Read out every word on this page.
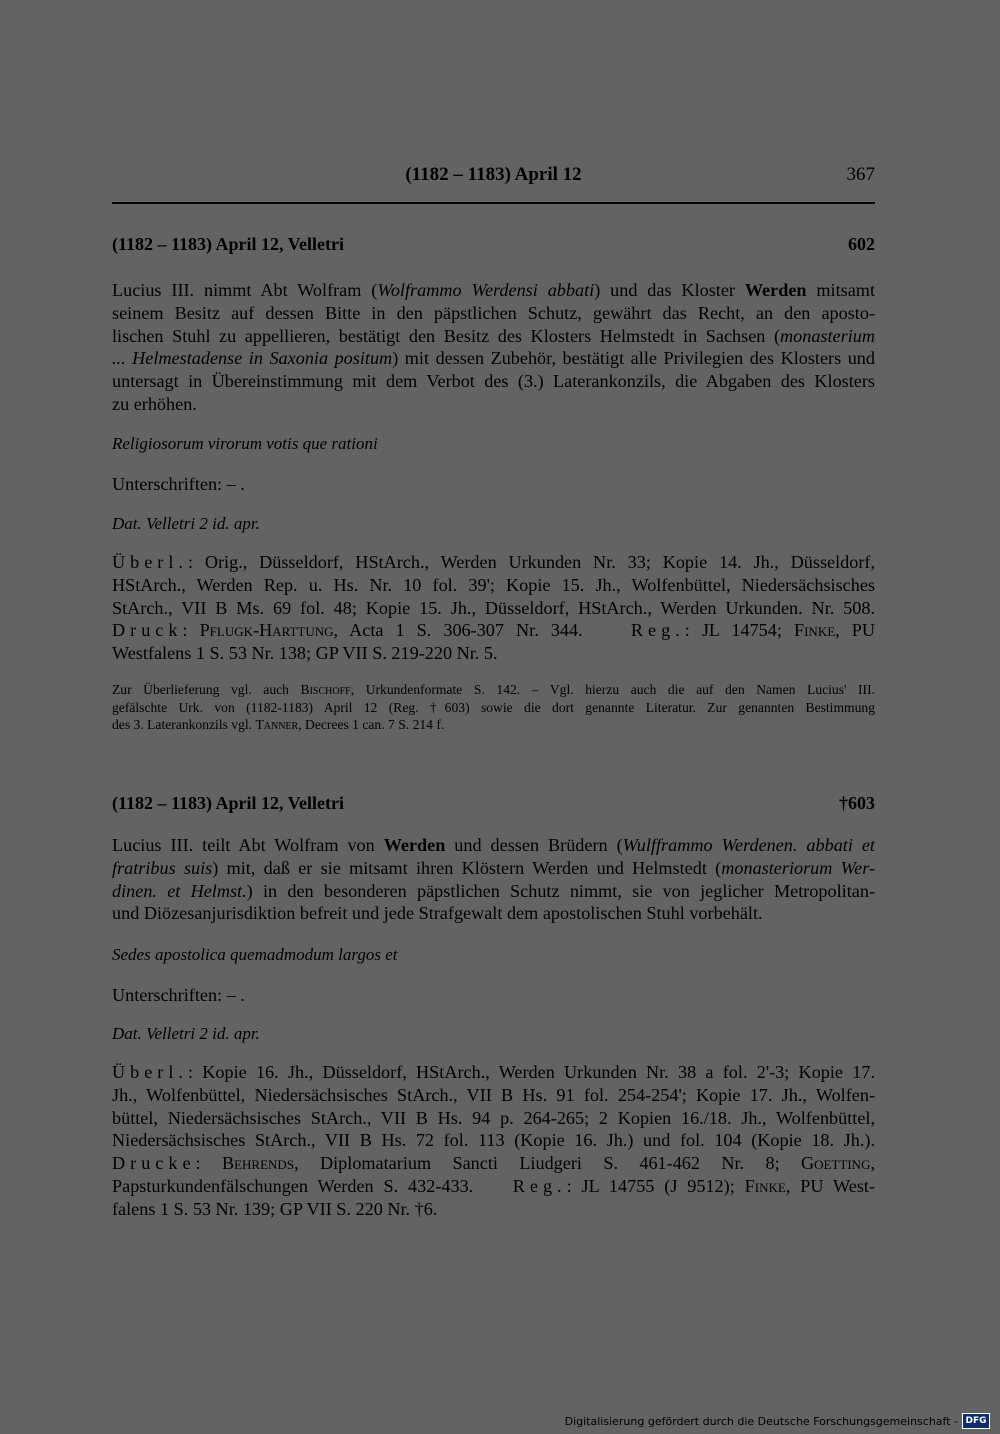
(1182 – 1183) April 12	367
(1182 – 1183) April 12, Velletri	602
Lucius III. nimmt Abt Wolfram (Wolframmo Werdensi abbati) und das Kloster Werden mitsamt
seinem Besitz auf dessen Bitte in den päpstlichen Schutz, gewährt das Recht, an den aposto-
lischen Stuhl zu appellieren, bestätigt den Besitz des Klosters Helmstedt in Sachsen (monasterium
... Helmestadense in Saxonia positum) mit dessen Zubehör, bestätigt alle Privilegien des Klosters und
untersagt in Übereinstimmung mit dem Verbot des (3.) Laterankonzils, die Abgaben des Klosters
zu erhöhen.
Religiosorum virorum votis que rationi
Unterschriften: – .
Dat. Velletri 2 id. apr.
Überl.: Orig., Düsseldorf, HStArch., Werden Urkunden Nr. 33; Kopie 14. Jh., Düsseldorf,
HStArch., Werden Rep. u. Hs. Nr. 10 fol. 39'; Kopie 15. Jh., Wolfenbüttel, Niedersächsisches
StArch., VII B Ms. 69 fol. 48; Kopie 15. Jh., Düsseldorf, HStArch., Werden Urkunden. Nr. 508.
Druck: Pflugk-Harttung, Acta 1 S. 306-307 Nr. 344.	Reg.: JL 14754; Finke, PU
Westfalens 1 S. 53 Nr. 138; GP VII S. 219-220 Nr. 5.
Zur Überlieferung vgl. auch Bischoff, Urkundenformate S. 142. – Vgl. hierzu auch die auf den Namen Lucius' III.
gefälschte Urk. von (1182-1183) April 12 (Reg. †603) sowie die dort genannte Literatur. Zur genannten Bestimmung
des 3. Laterankonzils vgl. Tanner, Decrees 1 can. 7 S. 214 f.
(1182 – 1183) April 12, Velletri	†603
Lucius III. teilt Abt Wolfram von Werden und dessen Brüdern (Wulfframmo Werdenen. abbati et
fratribus suis) mit, daß er sie mitsamt ihren Klöstern Werden und Helmstedt (monasteriorum Wer-
dinen. et Helmst.) in den besonderen päpstlichen Schutz nimmt, sie von jeglicher Metropolitan-
und Diözesanjurisdiktion befreit und jede Strafgewalt dem apostolischen Stuhl vorbehält.
Sedes apostolica quemadmodum largos et
Unterschriften: – .
Dat. Velletri 2 id. apr.
Überl.: Kopie 16. Jh., Düsseldorf, HStArch., Werden Urkunden Nr. 38 a fol. 2'-3; Kopie 17.
Jh., Wolfenbüttel, Niedersächsisches StArch., VII B Hs. 91 fol. 254-254'; Kopie 17. Jh., Wolfen-
büttel, Niedersächsisches StArch., VII B Hs. 94 p. 264-265; 2 Kopien 16./18. Jh., Wolfenbüttel,
Niedersächsisches StArch., VII B Hs. 72 fol. 113 (Kopie 16. Jh.) und fol. 104 (Kopie 18. Jh.).
Drucke: Behrends, Diplomatarium Sancti Liudgeri S. 461-462 Nr. 8; Goetting,
Papsturkundenfälschungen Werden S. 432-433. Reg.: JL 14755 (J 9512); Finke, PU West-
falens 1 S. 53 Nr. 139; GP VII S. 220 Nr. †6.
Digitalisierung gefördert durch die Deutsche Forschungsgemeinschaft - DFG
